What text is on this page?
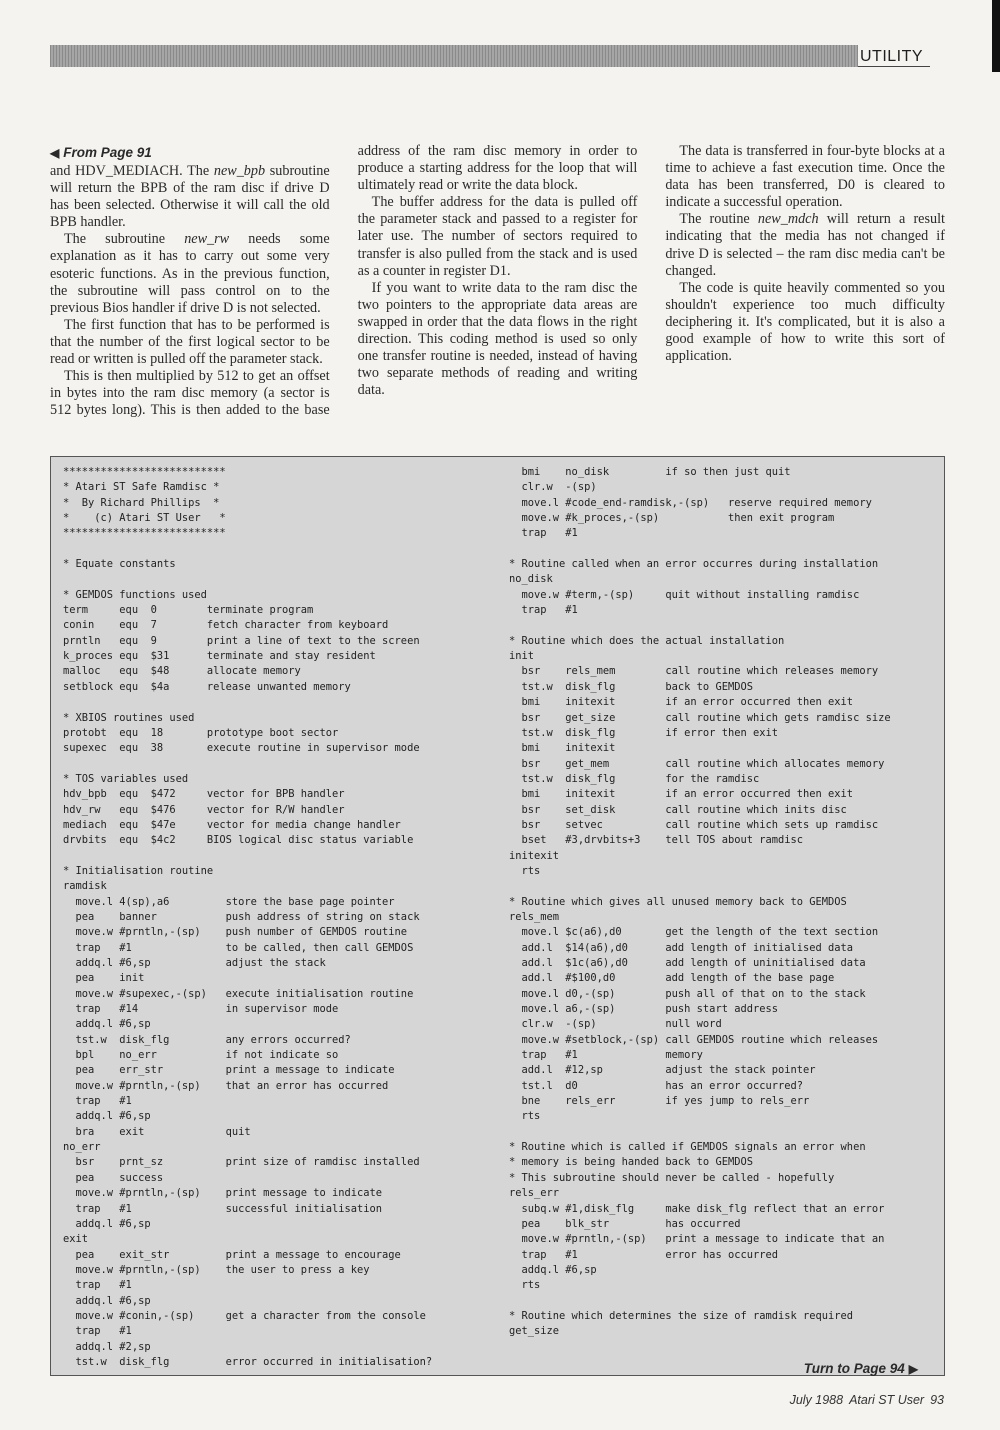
UTILITY

◀ From Page 91

and HDV_MEDIACH. The new_bpb subroutine will return the BPB of the ram disc if drive D has been selected. Otherwise it will call the old BPB handler.

The subroutine new_rw needs some explanation as it has to carry out some very esoteric functions. As in the previous function, the subroutine will pass control on to the previous Bios handler if drive D is not selected.

The first function that has to be performed is that the number of the first logical sector to be read or written is pulled off the parameter stack.

This is then multiplied by 512 to get an offset in bytes into the ram disc memory (a sector is 512 bytes long). This is then added to the base address of the ram disc memory in order to produce a starting address for the loop that will ultimately read or write the data block.

The buffer address for the data is pulled off the parameter stack and passed to a register for later use. The number of sectors required to transfer is also pulled from the stack and is used as a counter in register D1.

If you want to write data to the ram disc the two pointers to the appropriate data areas are swapped in order that the data flows in the right direction. This coding method is used so only one transfer routine is needed, instead of having two separate methods of reading and writing data.

The data is transferred in four-byte blocks at a time to achieve a fast execution time. Once the data has been transferred, D0 is cleared to indicate a successful operation.

The routine new_mdch will return a result indicating that the media has not changed if drive D is selected – the ram disc media can't be changed.

The code is quite heavily commented so you shouldn't experience too much difficulty deciphering it. It's complicated, but it is also a good example of how to write this sort of application.

**************************
* Atari ST Safe Ramdisc *
*  By Richard Phillips  *
*    (c) Atari ST User   *
**************************

* Equate constants

* GEMDOS functions used
term     equ  0        terminate program
conin    equ  7        fetch character from keyboard
prntln   equ  9        print a line of text to the screen
k_proces equ  $31      terminate and stay resident
malloc   equ  $48      allocate memory
setblock equ  $4a      release unwanted memory

* XBIOS routines used
protobt  equ  18       prototype boot sector
supexec  equ  38       execute routine in supervisor mode

* TOS variables used
hdv_bpb  equ  $472     vector for BPB handler
hdv_rw   equ  $476     vector for R/W handler
mediach  equ  $47e     vector for media change handler
drvbits  equ  $4c2     BIOS logical disc status variable

* Initialisation routine
ramdisk
move.l 4(sp),a6         store the base page pointer
pea    banner           push address of string on stack
move.w #prntln,-(sp)    push number of GEMDOS routine
trap   #1               to be called, then call GEMDOS
addq.l #6,sp            adjust the stack
pea    init
move.w #supexec,-(sp)   execute initialisation routine
trap   #14              in supervisor mode
addq.l #6,sp
tst.w  disk_flg         any errors occurred?
bpl    no_err           if not indicate so
pea    err_str          print a message to indicate
move.w #prntln,-(sp)    that an error has occurred
trap   #1
addq.l #6,sp
bra    exit             quit
no_err
bsr    prnt_sz          print size of ramdisc installed
pea    success
move.w #prntln,-(sp)    print message to indicate
trap   #1               successful initialisation
addq.l #6,sp
exit
pea    exit_str         print a message to encourage
move.w #prntln,-(sp)    the user to press a key
trap   #1
addq.l #6,sp
move.w #conin,-(sp)     get a character from the console
trap   #1
addq.l #2,sp
tst.w  disk_flg         error occurred in initialisation?
bmi    no_disk         if so then just quit
clr.w  -(sp)
move.l #code_end-ramdisk,-(sp)   reserve required memory
move.w #k_proces,-(sp)           then exit program
trap   #1

* Routine called when an error occurres during installation
no_disk
move.w #term,-(sp)     quit without installing ramdisc
trap   #1

* Routine which does the actual installation
init
bsr    rels_mem        call routine which releases memory
tst.w  disk_flg        back to GEMDOS
bmi    initexit        if an error occurred then exit
bsr    get_size        call routine which gets ramdisc size
tst.w  disk_flg        if error then exit
bmi    initexit
bsr    get_mem         call routine which allocates memory
tst.w  disk_flg        for the ramdisc
bmi    initexit        if an error occurred then exit
bsr    set_disk        call routine which inits disc
bsr    setvec          call routine which sets up ramdisc
bset   #3,drvbits+3    tell TOS about ramdisc
initexit
rts

* Routine which gives all unused memory back to GEMDOS
rels_mem
move.l $c(a6),d0       get the length of the text section
add.l  $14(a6),d0      add length of initialised data
add.l  $1c(a6),d0      add length of uninitialised data
add.l  #$100,d0        add length of the base page
move.l d0,-(sp)        push all of that on to the stack
move.l a6,-(sp)        push start address
clr.w  -(sp)           null word
move.w #setblock,-(sp) call GEMDOS routine which releases
trap   #1              memory
add.l  #12,sp          adjust the stack pointer
tst.l  d0              has an error occurred?
bne    rels_err        if yes jump to rels_err
rts

* Routine which is called if GEMDOS signals an error when
* memory is being handed back to GEMDOS
* This subroutine should never be called - hopefully
rels_err
subq.w #1,disk_flg     make disk_flg reflect that an error
pea    blk_str         has occurred
move.w #prntln,-(sp)   print a message to indicate that an
trap   #1              error has occurred
addq.l #6,sp
rts

* Routine which determines the size of ramdisk required
get_size
Turn to Page 94 ▶
July 1988 Atari ST User 93
